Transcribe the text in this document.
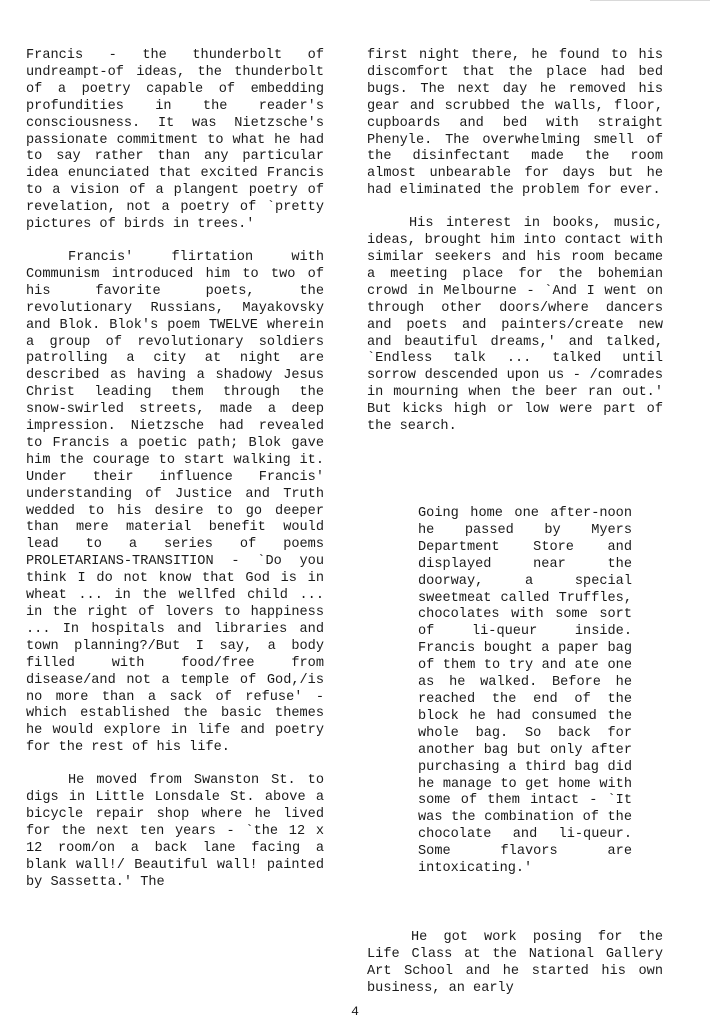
Francis - the thunderbolt of undreampt-of ideas, the thunderbolt of a poetry capable of embedding profundities in the reader's consciousness. It was Nietzsche's passionate commitment to what he had to say rather than any particular idea enunciated that excited Francis to a vision of a plangent poetry of revelation, not a poetry of `pretty pictures of birds in trees.'

Francis' flirtation with Communism introduced him to two of his favorite poets, the revolutionary Russians, Mayakovsky and Blok. Blok's poem TWELVE wherein a group of revolutionary soldiers patrolling a city at night are described as having a shadowy Jesus Christ leading them through the snow-swirled streets, made a deep impression. Nietzsche had revealed to Francis a poetic path; Blok gave him the courage to start walking it. Under their influence Francis' understanding of Justice and Truth wedded to his desire to go deeper than mere material benefit would lead to a series of poems PROLETARIANS-TRANSITION - `Do you think I do not know that God is in wheat ... in the wellfed child ... in the right of lovers to happiness ... In hospitals and libraries and town planning?/But I say, a body filled with food/free from disease/and not a temple of God,/is no more than a sack of refuse' - which established the basic themes he would explore in life and poetry for the rest of his life.

He moved from Swanston St. to digs in Little Lonsdale St. above a bicycle repair shop where he lived for the next ten years - `the 12 x 12 room/on a back lane facing a blank wall!/ Beautiful wall! painted by Sassetta.' The

first night there, he found to his discomfort that the place had bed bugs. The next day he removed his gear and scrubbed the walls, floor, cupboards and bed with straight Phenyle. The overwhelming smell of the disinfectant made the room almost unbearable for days but he had eliminated the problem for ever.

His interest in books, music, ideas, brought him into contact with similar seekers and his room became a meeting place for the bohemian crowd in Melbourne - `And I went on through other doors/where dancers and poets and painters/create new and beautiful dreams,' and talked, `Endless talk ... talked until sorrow descended upon us - /comrades in mourning when the beer ran out.' But kicks high or low were part of the search.

Going home one after-noon he passed by Myers Department Store and displayed near the doorway, a special sweetmeat called Truffles, chocolates with some sort of li-queur inside. Francis bought a paper bag of them to try and ate one as he walked. Before he reached the end of the block he had consumed the whole bag. So back for another bag but only after purchasing a third bag did he manage to get home with some of them intact - `It was the combination of the chocolate and li-queur. Some flavors are intoxicating.'

He got work posing for the Life Class at the National Gallery Art School and he started his own business, an early

4
